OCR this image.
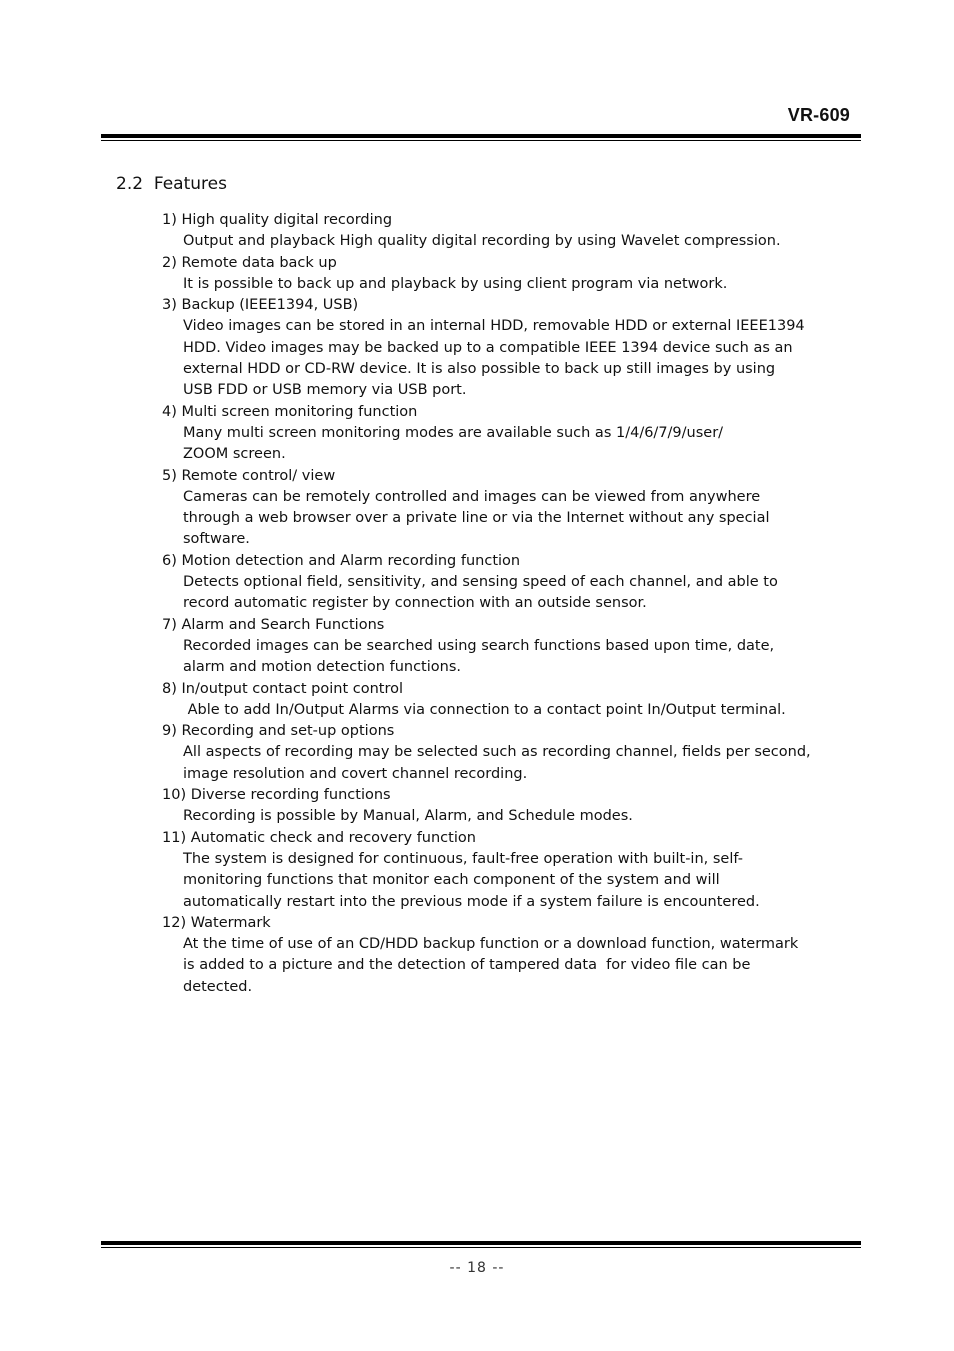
VR-609
2.2  Features
1) High quality digital recording
Output and playback High quality digital recording by using Wavelet compression.
2) Remote data back up
It is possible to back up and playback by using client program via network.
3) Backup (IEEE1394, USB)
Video images can be stored in an internal HDD, removable HDD or external IEEE1394
HDD. Video images may be backed up to a compatible IEEE 1394 device such as an
external HDD or CD-RW device. It is also possible to back up still images by using
USB FDD or USB memory via USB port.
4) Multi screen monitoring function
Many multi screen monitoring modes are available such as 1/4/6/7/9/user/
ZOOM screen.
5) Remote control/ view
Cameras can be remotely controlled and images can be viewed from anywhere
through a web browser over a private line or via the Internet without any special
software.
6) Motion detection and Alarm recording function
Detects optional field, sensitivity, and sensing speed of each channel, and able to
record automatic register by connection with an outside sensor.
7) Alarm and Search Functions
Recorded images can be searched using search functions based upon time, date,
alarm and motion detection functions.
8) In/output contact point control
Able to add In/Output Alarms via connection to a contact point In/Output terminal.
9) Recording and set-up options
All aspects of recording may be selected such as recording channel, fields per second,
image resolution and covert channel recording.
10) Diverse recording functions
Recording is possible by Manual, Alarm, and Schedule modes.
11) Automatic check and recovery function
The system is designed for continuous, fault-free operation with built-in, self-
monitoring functions that monitor each component of the system and will
automatically restart into the previous mode if a system failure is encountered.
12) Watermark
At the time of use of an CD/HDD backup function or a download function, watermark
is added to a picture and the detection of tampered data  for video file can be
detected.
-- 18 --
